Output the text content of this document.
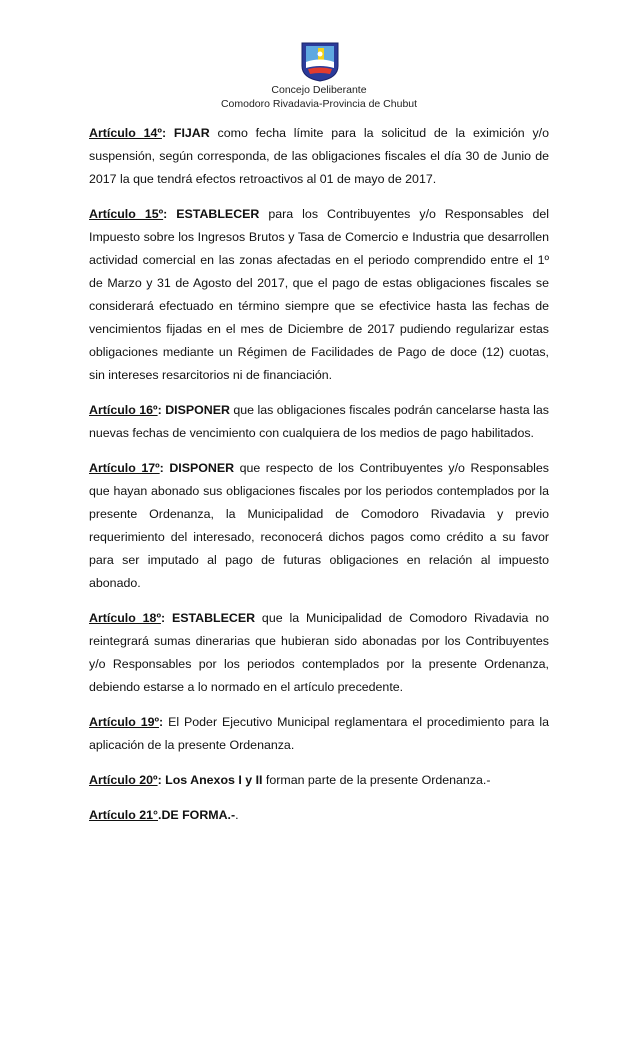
Concejo Deliberante
Comodoro Rivadavia-Provincia de Chubut

Artículo 14º: FIJAR como fecha límite para la solicitud de la eximición y/o suspensión, según corresponda, de las obligaciones fiscales el día 30 de Junio de 2017 la que tendrá efectos retroactivos al 01 de mayo de 2017.

Artículo 15º: ESTABLECER para los Contribuyentes y/o Responsables del Impuesto sobre los Ingresos Brutos y Tasa de Comercio e Industria que desarrollen actividad comercial en las zonas afectadas en el periodo comprendido entre el 1º de Marzo y 31 de Agosto del 2017, que el pago de estas obligaciones fiscales se considerará efectuado en término siempre que se efectivice hasta las fechas de vencimientos fijadas en el mes de Diciembre de 2017 pudiendo regularizar estas obligaciones mediante un Régimen de Facilidades de Pago de doce (12) cuotas, sin intereses resarcitorios ni de financiación.

Artículo 16º: DISPONER que las obligaciones fiscales podrán cancelarse hasta las nuevas fechas de vencimiento con cualquiera de los medios de pago habilitados.

Artículo 17º: DISPONER que respecto de los Contribuyentes y/o Responsables que hayan abonado sus obligaciones fiscales por los periodos contemplados por la presente Ordenanza, la Municipalidad de Comodoro Rivadavia y previo requerimiento del interesado, reconocerá dichos pagos como crédito a su favor para ser imputado al pago de futuras obligaciones en relación al impuesto abonado.

Artículo 18º: ESTABLECER que la Municipalidad de Comodoro Rivadavia no reintegrará sumas dinerarias que hubieran sido abonadas por los Contribuyentes y/o Responsables por los periodos contemplados por la presente Ordenanza, debiendo estarse a lo normado en el artículo precedente.

Artículo 19º: El Poder Ejecutivo Municipal reglamentara el procedimiento para la aplicación de la presente Ordenanza.

Artículo 20º: Los Anexos I y II forman parte de la presente Ordenanza.-

Artículo 21°.DE FORMA.-.
